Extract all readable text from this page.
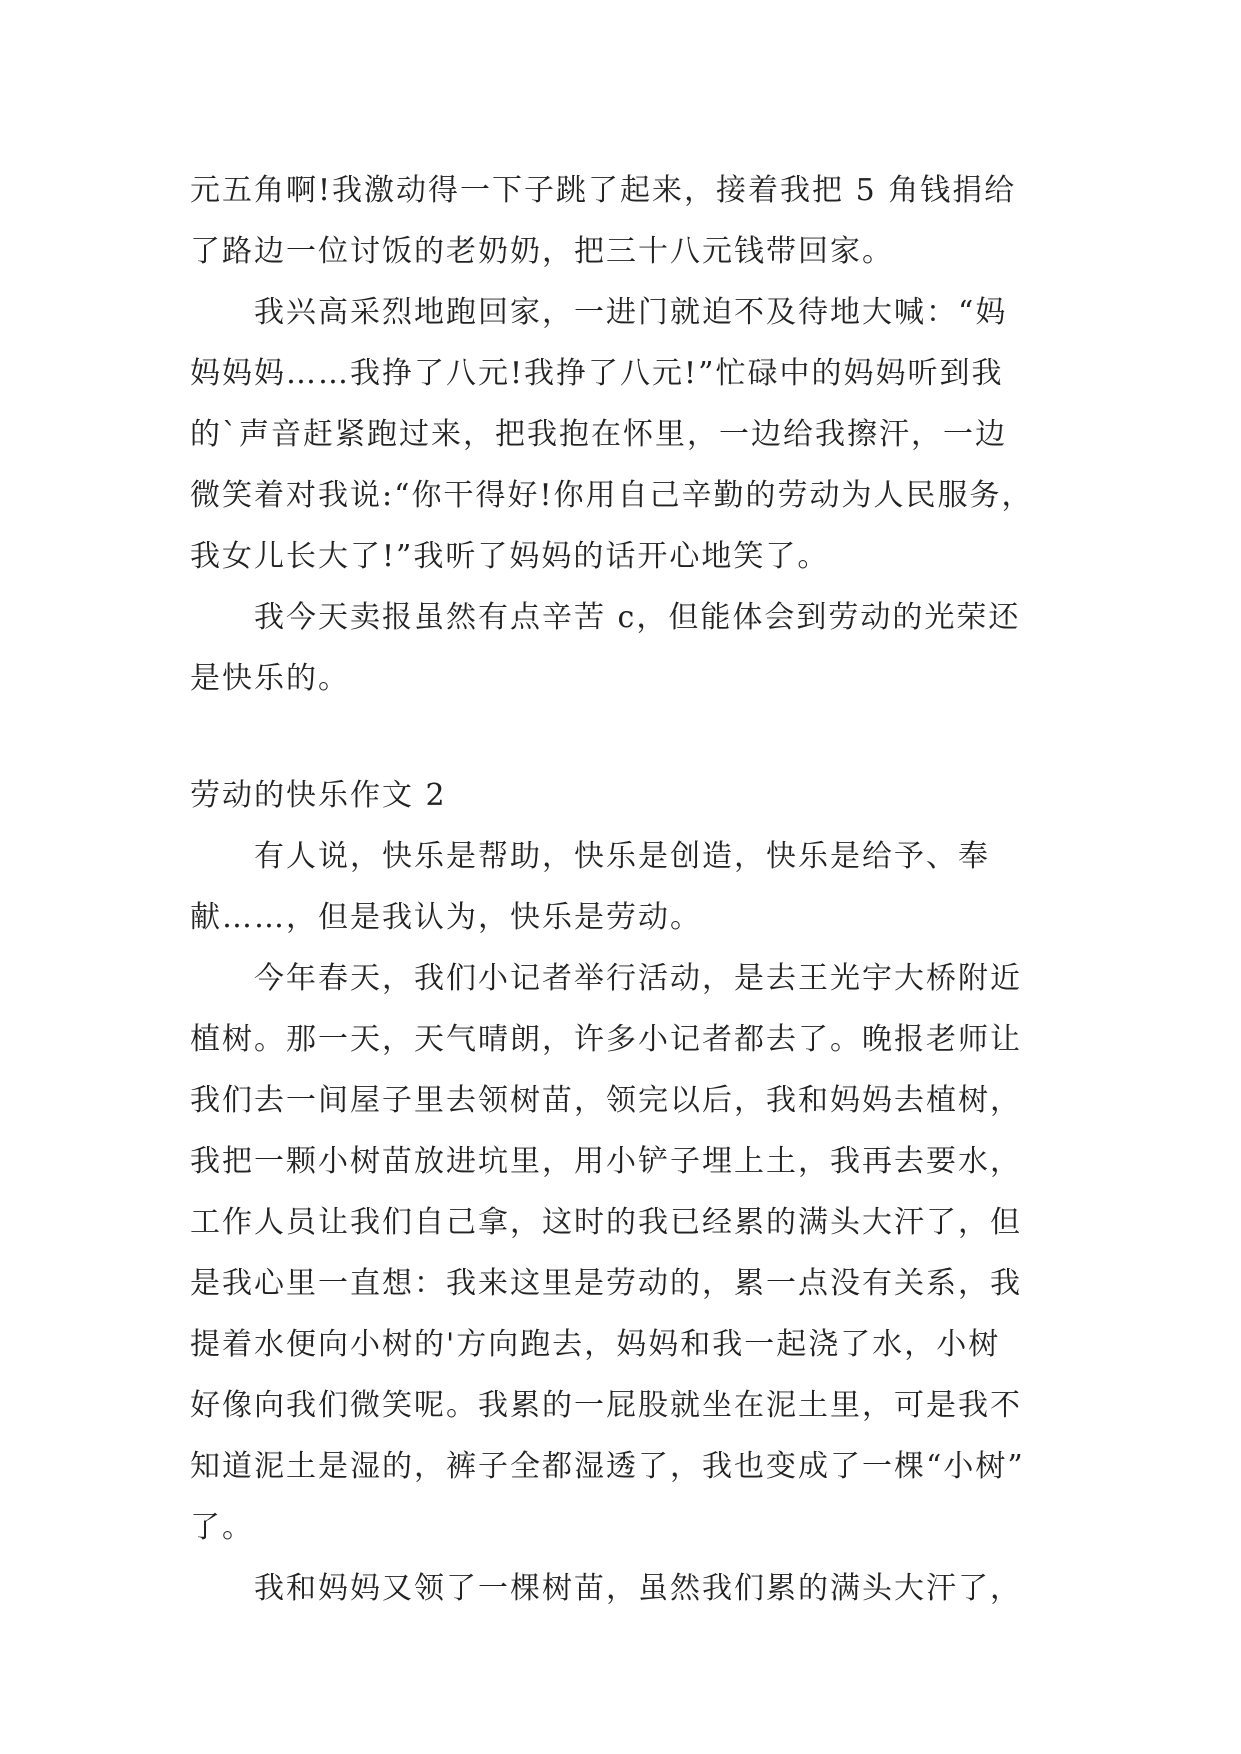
元五角啊!我激动得一下子跳了起来，接着我把 5 角钱捐给
了路边一位讨饭的老奶奶，把三十八元钱带回家。
我兴高采烈地跑回家，一进门就迫不及待地大喊：“妈
妈妈妈……我挣了八元!我挣了八元!”忙碌中的妈妈听到我
的`声音赶紧跑过来，把我抱在怀里，一边给我擦汗，一边
微笑着对我说:“你干得好!你用自己辛勤的劳动为人民服务，
我女儿长大了!”我听了妈妈的话开心地笑了。
我今天卖报虽然有点辛苦 c，但能体会到劳动的光荣还
是快乐的。
劳动的快乐作文 2
有人说，快乐是帮助，快乐是创造，快乐是给予、奉
献……，但是我认为，快乐是劳动。
今年春天，我们小记者举行活动，是去王光宇大桥附近
植树。那一天，天气晴朗，许多小记者都去了。晚报老师让
我们去一间屋子里去领树苗，领完以后，我和妈妈去植树，
我把一颗小树苗放进坑里，用小铲子埋上土，我再去要水，
工作人员让我们自己拿，这时的我已经累的满头大汗了，但
是我心里一直想：我来这里是劳动的，累一点没有关系，我
提着水便向小树的'方向跑去，妈妈和我一起浇了水，小树
好像向我们微笑呢。我累的一屁股就坐在泥土里，可是我不
知道泥土是湿的，裤子全都湿透了，我也变成了一棵“小树”
了。
我和妈妈又领了一棵树苗，虽然我们累的满头大汗了，
